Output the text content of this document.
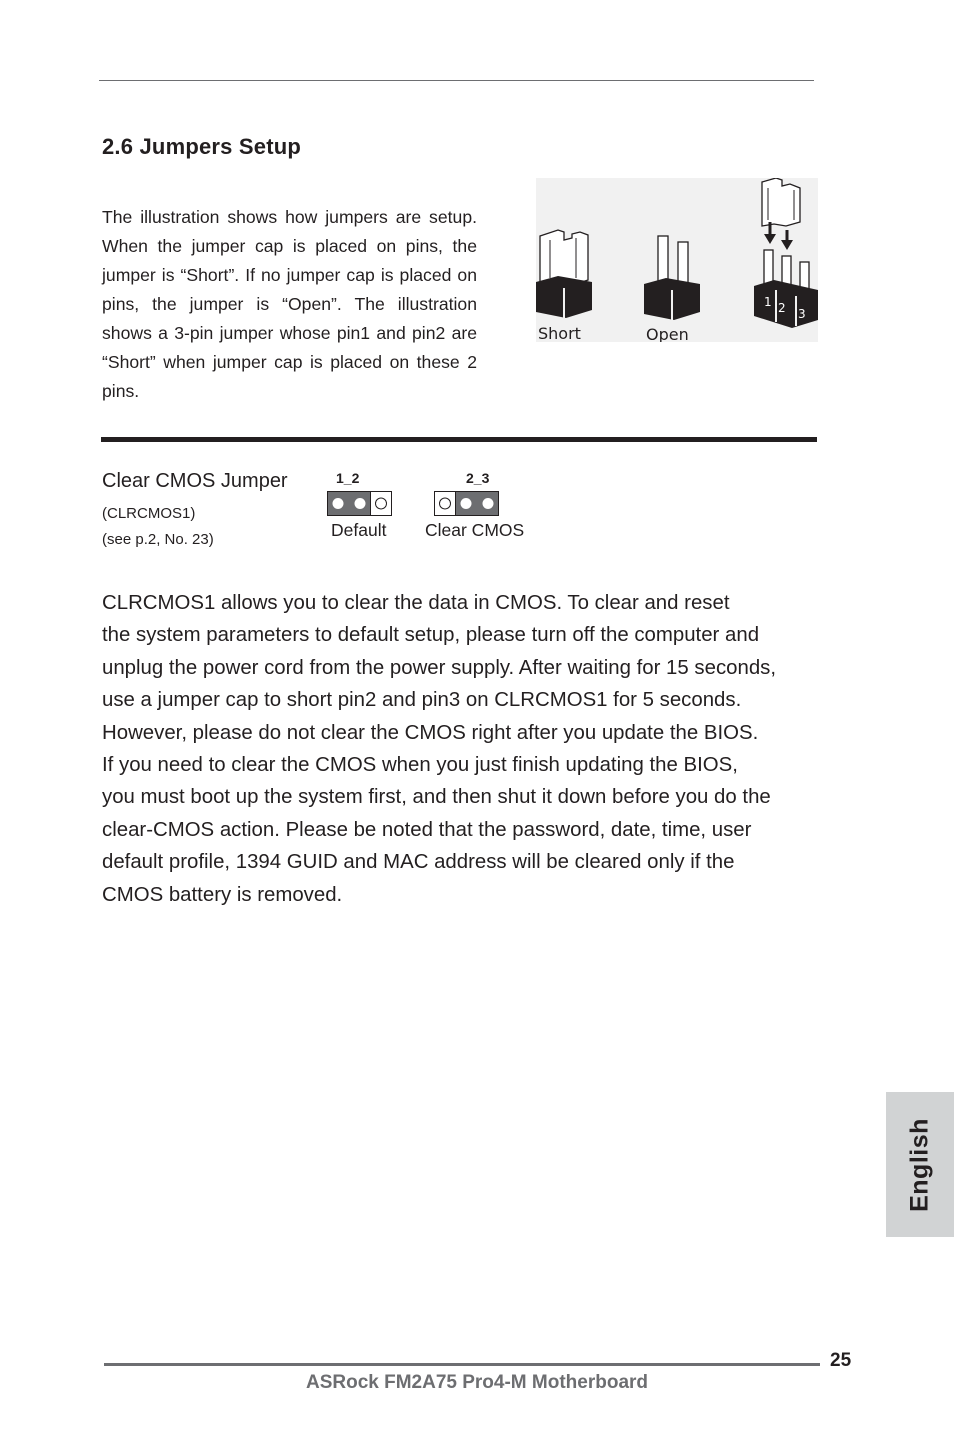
2.6 Jumpers Setup

The illustration shows how jumpers are setup. When the jumper cap is placed on pins, the jumper is “Short”. If no jumper cap is placed on pins, the jumper is “Open”. The illustration shows a 3-pin jumper whose pin1 and pin2 are “Short” when jumper cap is placed on these 2 pins.

1 2 3
Short	Open
Clear CMOS Jumper
(CLRCMOS1)
(see p.2, No. 23)
1_2
Default
2_3
Clear CMOS

CLRCMOS1 allows you to clear the data in CMOS. To clear and reset
the system parameters to default setup, please turn off the computer and
unplug the power cord from the power supply. After waiting for 15 seconds,
use a jumper cap to short pin2 and pin3 on CLRCMOS1 for 5 seconds.
However, please do not clear the CMOS right after you update the BIOS.
If you need to clear the CMOS when you just finish updating the BIOS,
you must boot up the system first, and then shut it down before you do the
clear-CMOS action. Please be noted that the password, date, time, user
default profile, 1394 GUID and MAC address will be cleared only if the
CMOS battery is removed.

English
25
ASRock FM2A75 Pro4-M Motherboard
